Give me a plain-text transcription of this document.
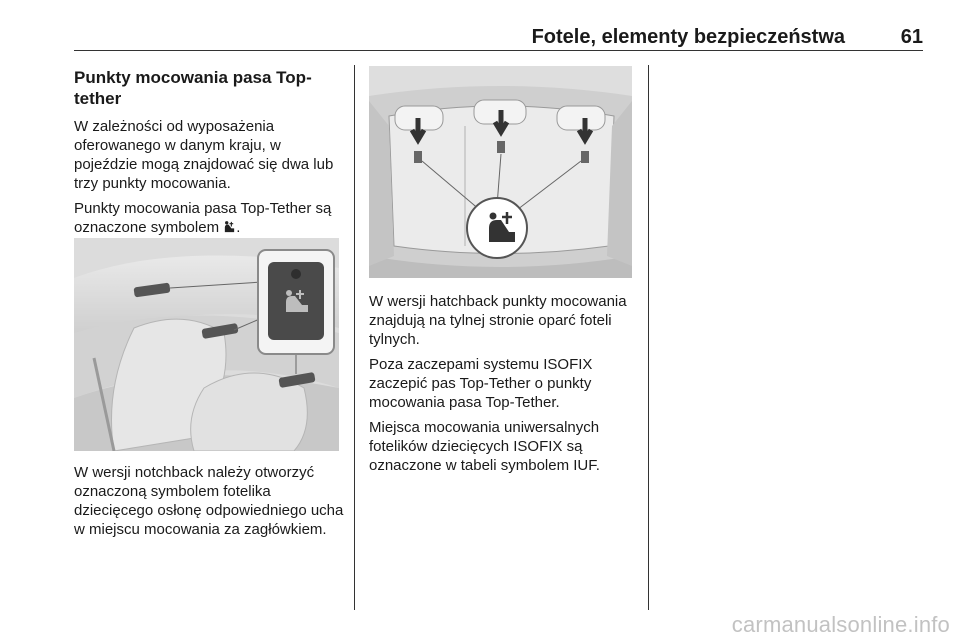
Fotele, elementy bezpieczeństwa	61
Punkty mocowania pasa Top-tether

W zależności od wyposażenia oferowanego w danym kraju, w pojeździe mogą znajdować się dwa lub trzy punkty mocowania.

Punkty mocowania pasa Top-Tether są oznaczone symbolem .

W wersji notchback należy otworzyć oznaczoną symbolem fotelika dziecięcego osłonę odpowiedniego ucha w miejscu mocowania za zagłówkiem.

W wersji hatchback punkty mocowania znajdują na tylnej stronie oparć foteli tylnych.

Poza zaczepami systemu ISOFIX zaczepić pas Top-Tether o punkty mocowania pasa Top-Tether.

Miejsca mocowania uniwersalnych fotelików dziecięcych ISOFIX są oznaczone w tabeli symbolem IUF.

carmanualsonline.info
